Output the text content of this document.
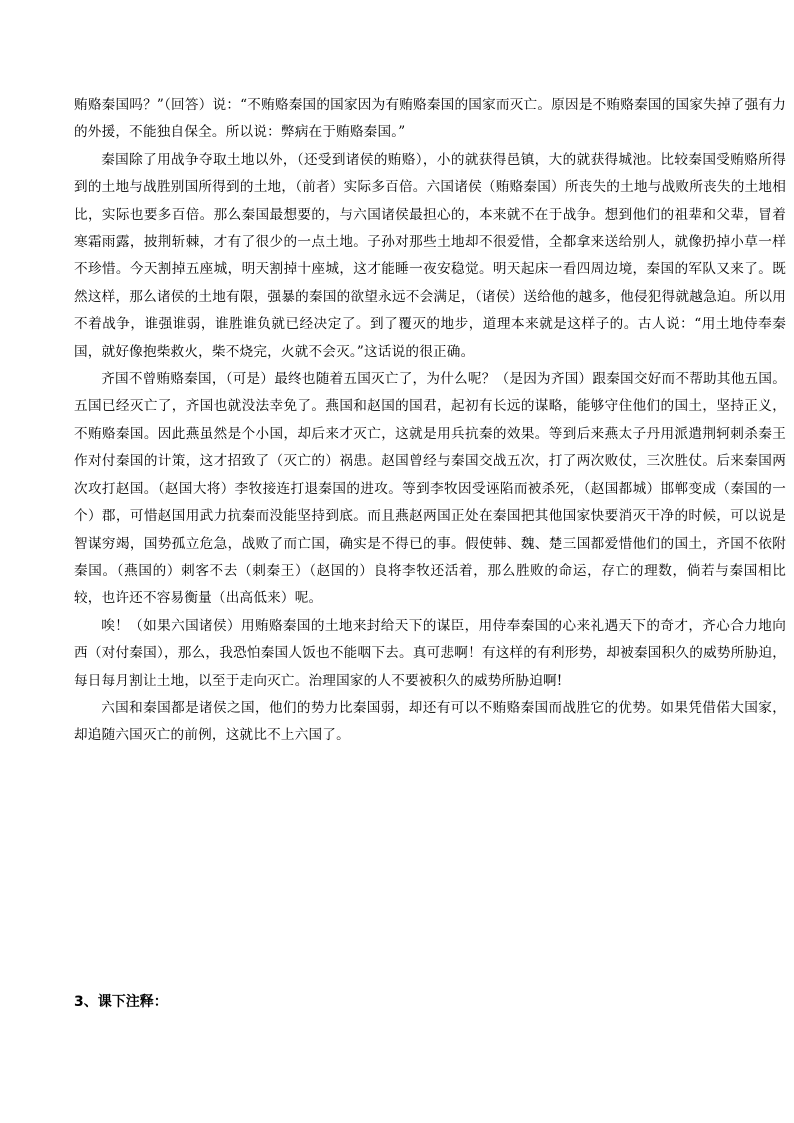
贿赂秦国吗？”（回答）说：“不贿赂秦国的国家因为有贿赂秦国的国家而灭亡。原因是不贿赂秦国的国家失掉了强有力的外援，不能独自保全。所以说：弊病在于贿赂秦国。”

秦国除了用战争夺取土地以外，（还受到诸侯的贿赂），小的就获得邑镇，大的就获得城池。比较秦国受贿赂所得到的土地与战胜别国所得到的土地，（前者）实际多百倍。六国诸侯（贿赂秦国）所丧失的土地与战败所丧失的土地相比，实际也要多百倍。那么秦国最想要的，与六国诸侯最担心的，本来就不在于战争。想到他们的祖辈和父辈，冒着寒霜雨露，披荆斩棘，才有了很少的一点土地。子孙对那些土地却不很爱惜，全都拿来送给别人，就像扔掉小草一样不珍惜。今天割掉五座城，明天割掉十座城，这才能睡一夜安稳觉。明天起床一看四周边境，秦国的军队又来了。既然这样，那么诸侯的土地有限，强暴的秦国的欲望永远不会满足，（诸侯）送给他的越多，他侵犯得就越急迫。所以用不着战争，谁强谁弱，谁胜谁负就已经决定了。到了覆灭的地步，道理本来就是这样子的。古人说：“用土地侍奉秦国，就好像抱柴救火，柴不烧完，火就不会灭。”这话说的很正确。

齐国不曾贿赂秦国，（可是）最终也随着五国灭亡了，为什么呢？（是因为齐国）跟秦国交好而不帮助其他五国。五国已经灭亡了，齐国也就没法幸免了。燕国和赵国的国君，起初有长远的谋略，能够守住他们的国土，坚持正义，不贿赂秦国。因此燕虽然是个小国，却后来才灭亡，这就是用兵抗秦的效果。等到后来燕太子丹用派遣荆轲刺杀秦王作对付秦国的计策，这才招致了（灭亡的）祸患。赵国曾经与秦国交战五次，打了两次败仗，三次胜仗。后来秦国两次攻打赵国。（赵国大将）李牧接连打退秦国的进攻。等到李牧因受诬陷而被杀死，（赵国都城）邯郸变成（秦国的一个）郡，可惜赵国用武力抗秦而没能坚持到底。而且燕赵两国正处在秦国把其他国家快要消灭干净的时候，可以说是智谋穷竭，国势孤立危急，战败了而亡国，确实是不得已的事。假使韩、魏、楚三国都爱惜他们的国土，齐国不依附秦国。（燕国的）刺客不去（刺秦王）（赵国的）良将李牧还活着，那么胜败的命运，存亡的理数，倘若与秦国相比较，也许还不容易衡量（出高低来）呢。

唉！（如果六国诸侯）用贿赂秦国的土地来封给天下的谋臣，用侍奉秦国的心来礼遇天下的奇才，齐心合力地向西（对付秦国），那么，我恐怕秦国人饭也不能咽下去。真可悲啊！有这样的有利形势，却被秦国积久的威势所胁迫，每日每月割让土地，以至于走向灭亡。治理国家的人不要被积久的威势所胁迫啊!

六国和秦国都是诸侯之国，他们的势力比秦国弱，却还有可以不贿赂秦国而战胜它的优势。如果凭借偌大国家，却追随六国灭亡的前例，这就比不上六国了。

3、课下注释：
